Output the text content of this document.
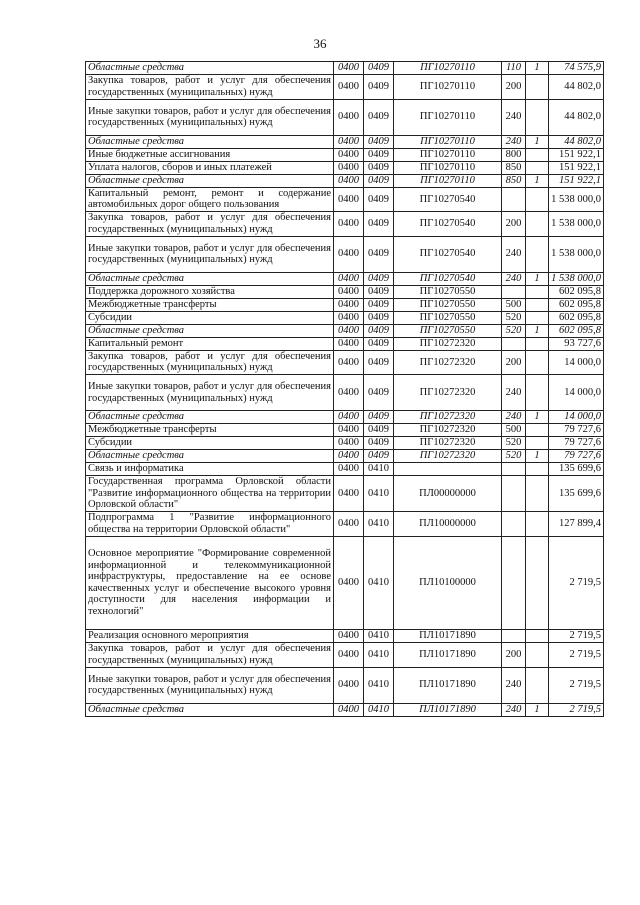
36
Областные средства	0400	0409	ПГ10270110	110	1	74 575,9
Закупка товаров, работ и услуг для обеспечения государственных (муниципальных) нужд	0400	0409	ПГ10270110	200		44 802,0
Иные закупки товаров, работ и услуг для обеспечения государственных (муниципальных) нужд	0400	0409	ПГ10270110	240		44 802,0
Областные средства	0400	0409	ПГ10270110	240	1	44 802,0
Иные бюджетные ассигнования	0400	0409	ПГ10270110	800		151 922,1
Уплата налогов, сборов и иных платежей	0400	0409	ПГ10270110	850		151 922,1
Областные средства	0400	0409	ПГ10270110	850	1	151 922,1
Капитальный ремонт, ремонт и содержание автомобильных дорог общего пользования	0400	0409	ПГ10270540			1 538 000,0
Закупка товаров, работ и услуг для обеспечения государственных (муниципальных) нужд	0400	0409	ПГ10270540	200		1 538 000,0
Иные закупки товаров, работ и услуг для обеспечения государственных (муниципальных) нужд	0400	0409	ПГ10270540	240		1 538 000,0
Областные средства	0400	0409	ПГ10270540	240	1	1 538 000,0
Поддержка дорожного хозяйства	0400	0409	ПГ10270550			602 095,8
Межбюджетные трансферты	0400	0409	ПГ10270550	500		602 095,8
Субсидии	0400	0409	ПГ10270550	520		602 095,8
Областные средства	0400	0409	ПГ10270550	520	1	602 095,8
Капитальный ремонт	0400	0409	ПГ10272320			93 727,6
Закупка товаров, работ и услуг для обеспечения государственных (муниципальных) нужд	0400	0409	ПГ10272320	200		14 000,0
Иные закупки товаров, работ и услуг для обеспечения государственных (муниципальных) нужд	0400	0409	ПГ10272320	240		14 000,0
Областные средства	0400	0409	ПГ10272320	240	1	14 000,0
Межбюджетные трансферты	0400	0409	ПГ10272320	500		79 727,6
Субсидии	0400	0409	ПГ10272320	520		79 727,6
Областные средства	0400	0409	ПГ10272320	520	1	79 727,6
Связь и информатика	0400	0410				135 699,6
Государственная программа Орловской области "Развитие информационного общества на территории Орловской области"	0400	0410	ПЛ00000000			135 699,6
Подпрограмма 1 "Развитие информационного общества на территории Орловской области"	0400	0410	ПЛ10000000			127 899,4
Основное мероприятие "Формирование современной информационной и телекоммуникационной инфраструктуры, предоставление на ее основе качественных услуг и обеспечение высокого уровня доступности для населения информации и технологий"	0400	0410	ПЛ10100000			2 719,5
Реализация основного мероприятия	0400	0410	ПЛ10171890			2 719,5
Закупка товаров, работ и услуг для обеспечения государственных (муниципальных) нужд	0400	0410	ПЛ10171890	200		2 719,5
Иные закупки товаров, работ и услуг для обеспечения государственных (муниципальных) нужд	0400	0410	ПЛ10171890	240		2 719,5
Областные средства	0400	0410	ПЛ10171890	240	1	2 719,5
